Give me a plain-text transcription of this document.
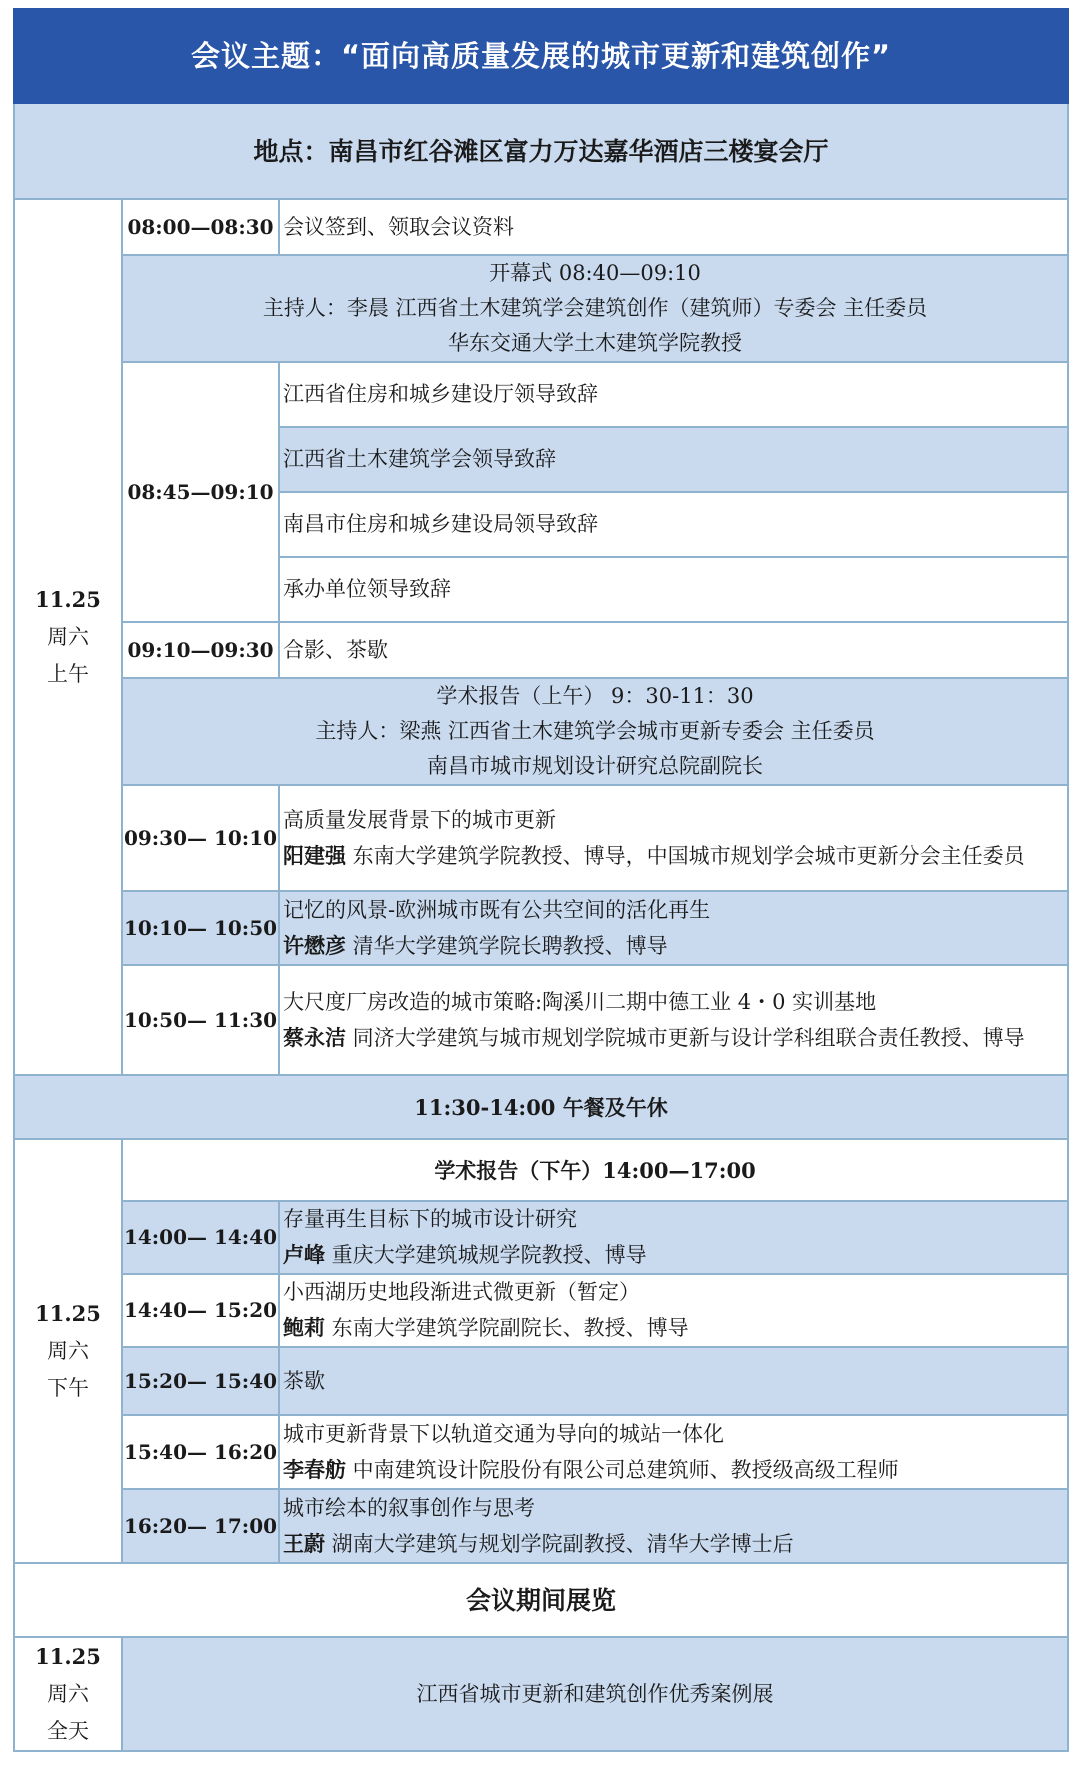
会议主题：“面向高质量发展的城市更新和建筑创作”		
地点：南昌市红谷滩区富力万达嘉华酒店三楼宴会厅		
11.25
周六
上午	08:00—08:30	会议签到、领取会议资料

	开幕式 08:40—09:10
主持人：李晨 江西省土木建筑学会建筑创作（建筑师）专委会 主任委员
华东交通大学土木建筑学院教授	

	08:45—09:10	江西省住房和城乡建设厅领导致辞
		江西省土木建筑学会领导致辞
		南昌市住房和城乡建设局领导致辞
		承办单位领导致辞
	09:10—09:30	合影、茶歇

	学术报告（上午） 9：30-11：30
主持人：梁燕 江西省土木建筑学会城市更新专委会 主任委员
南昌市城市规划设计研究总院副院长	

	09:30— 10:10	高质量发展背景下的城市更新
阳建强 东南大学建筑学院教授、博导，中国城市规划学会城市更新分会主任委员

	10:10— 10:50	记忆的风景-欧洲城市既有公共空间的活化再生
许懋彦 清华大学建筑学院长聘教授、博导

	10:50— 11:30	大尺度厂房改造的城市策略:陶溪川二期中德工业 4・0 实训基地
蔡永洁 同济大学建筑与城市规划学院城市更新与设计学科组联合责任教授、博导

11:30-14:00 午餐及午休		
11.25
周六
下午	学术报告（下午）14:00—17:00	
	14:00— 14:40	存量再生目标下的城市设计研究
卢峰 重庆大学建筑城规学院教授、博导

	14:40— 15:20	小西湖历史地段渐进式微更新（暂定）
鲍莉 东南大学建筑学院副院长、教授、博导

	15:20— 15:40	茶歇
	15:40— 16:20	城市更新背景下以轨道交通为导向的城站一体化
李春舫 中南建筑设计院股份有限公司总建筑师、教授级高级工程师

	16:20— 17:00	城市绘本的叙事创作与思考
王蔚 湖南大学建筑与规划学院副教授、清华大学博士后

会议期间展览		
11.25
周六
全天	江西省城市更新和建筑创作优秀案例展	
